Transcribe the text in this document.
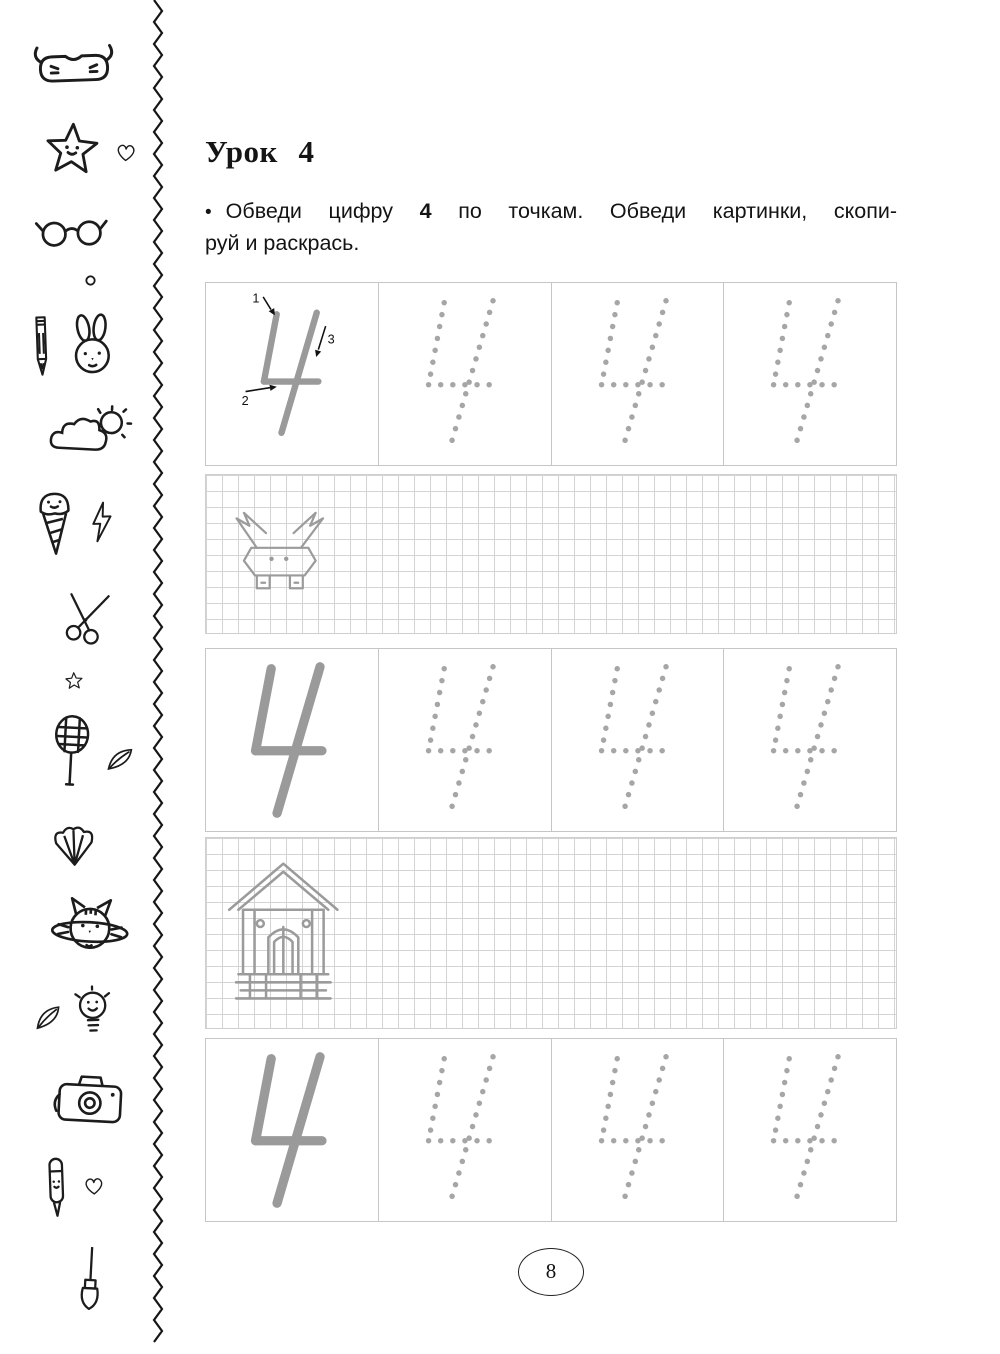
Урок 4

• Обведи цифру 4 по точкам. Обведи картинки, скопи-
руй и раскрась.

1
2
3
8
